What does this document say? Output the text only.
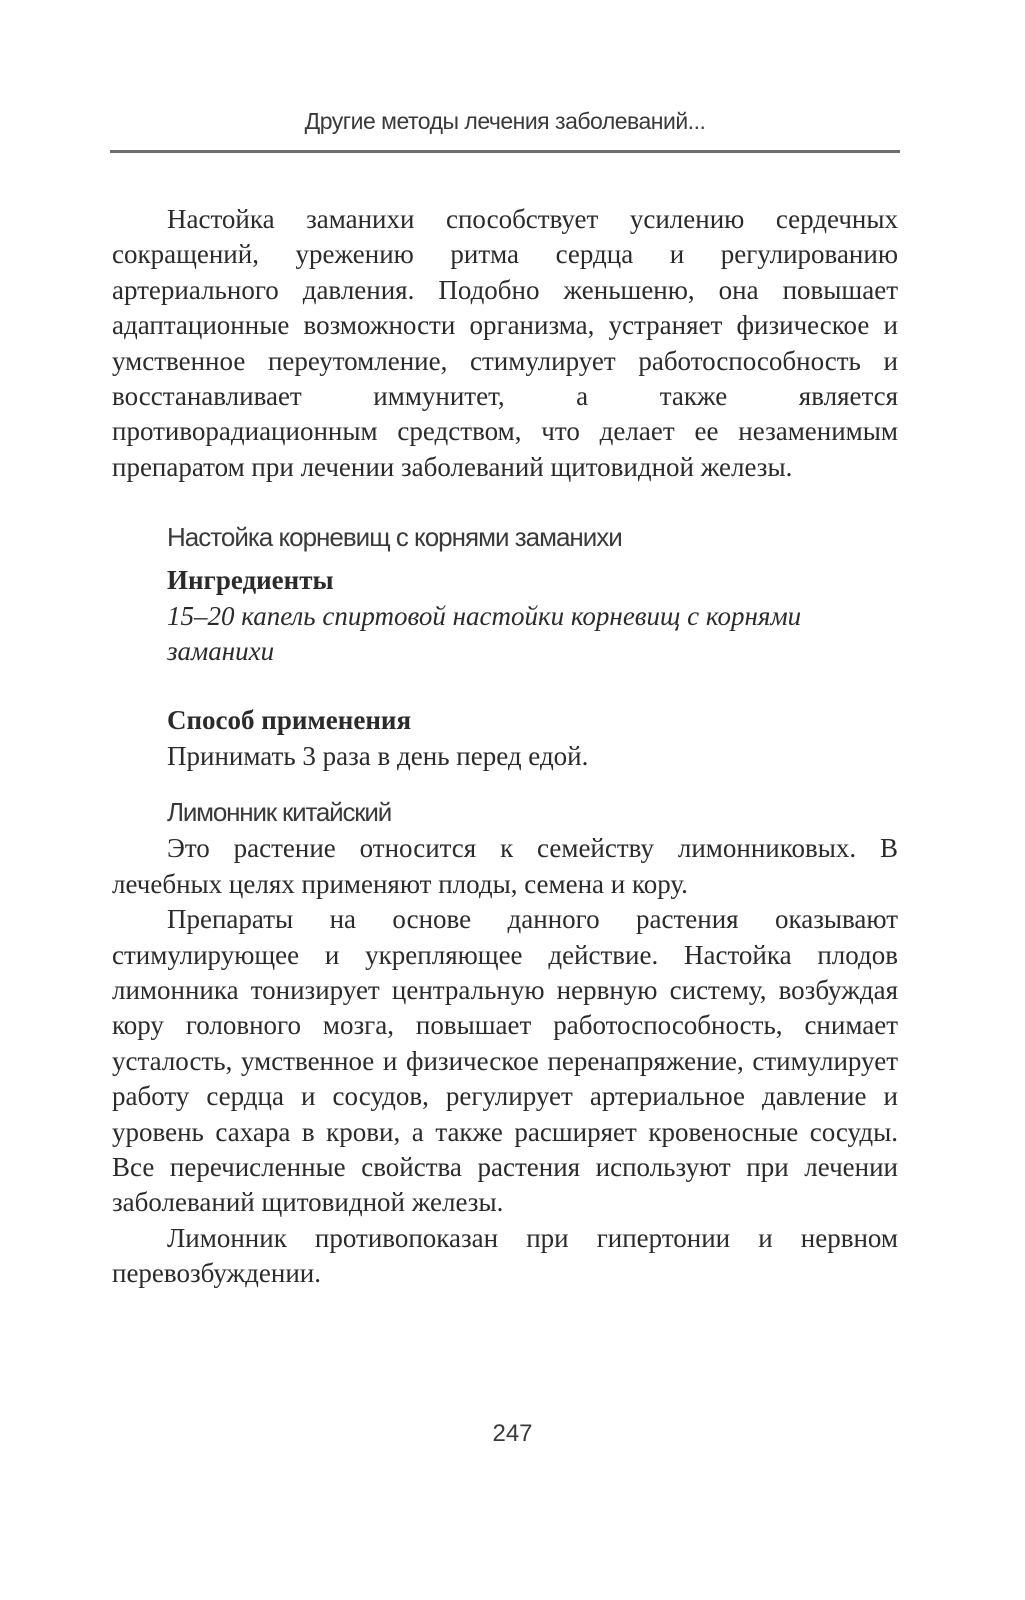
Другие методы лечения заболеваний...

Настойка заманихи способствует усилению сердечных сокращений, урежению ритма сердца и регулированию артериального давления. Подобно женьшеню, она повышает адаптационные возможности организма, устраняет физическое и умственное переутомление, стимулирует работоспособность и восстанавливает иммунитет, а также является противорадиационным средством, что делает ее незаменимым препаратом при лечении заболеваний щитовидной железы.

Настойка корневищ с корнями заманихи
Ингредиенты

15–20 капель спиртовой настойки корневищ с корнями заманихи

Способ применения

Принимать 3 раза в день перед едой.

Лимонник китайский

Это растение относится к семейству лимонниковых. В лечебных целях применяют плоды, семена и кору.

Препараты на основе данного растения оказывают стимулирующее и укрепляющее действие. Настойка плодов лимонника тонизирует центральную нервную систему, возбуждая кору головного мозга, повышает работоспособность, снимает усталость, умственное и физическое перенапряжение, стимулирует работу сердца и сосудов, регулирует артериальное давление и уровень сахара в крови, а также расширяет кровеносные сосуды. Все перечисленные свойства растения используют при лечении заболеваний щитовидной железы.

Лимонник противопоказан при гипертонии и нервном перевозбуждении.

247
